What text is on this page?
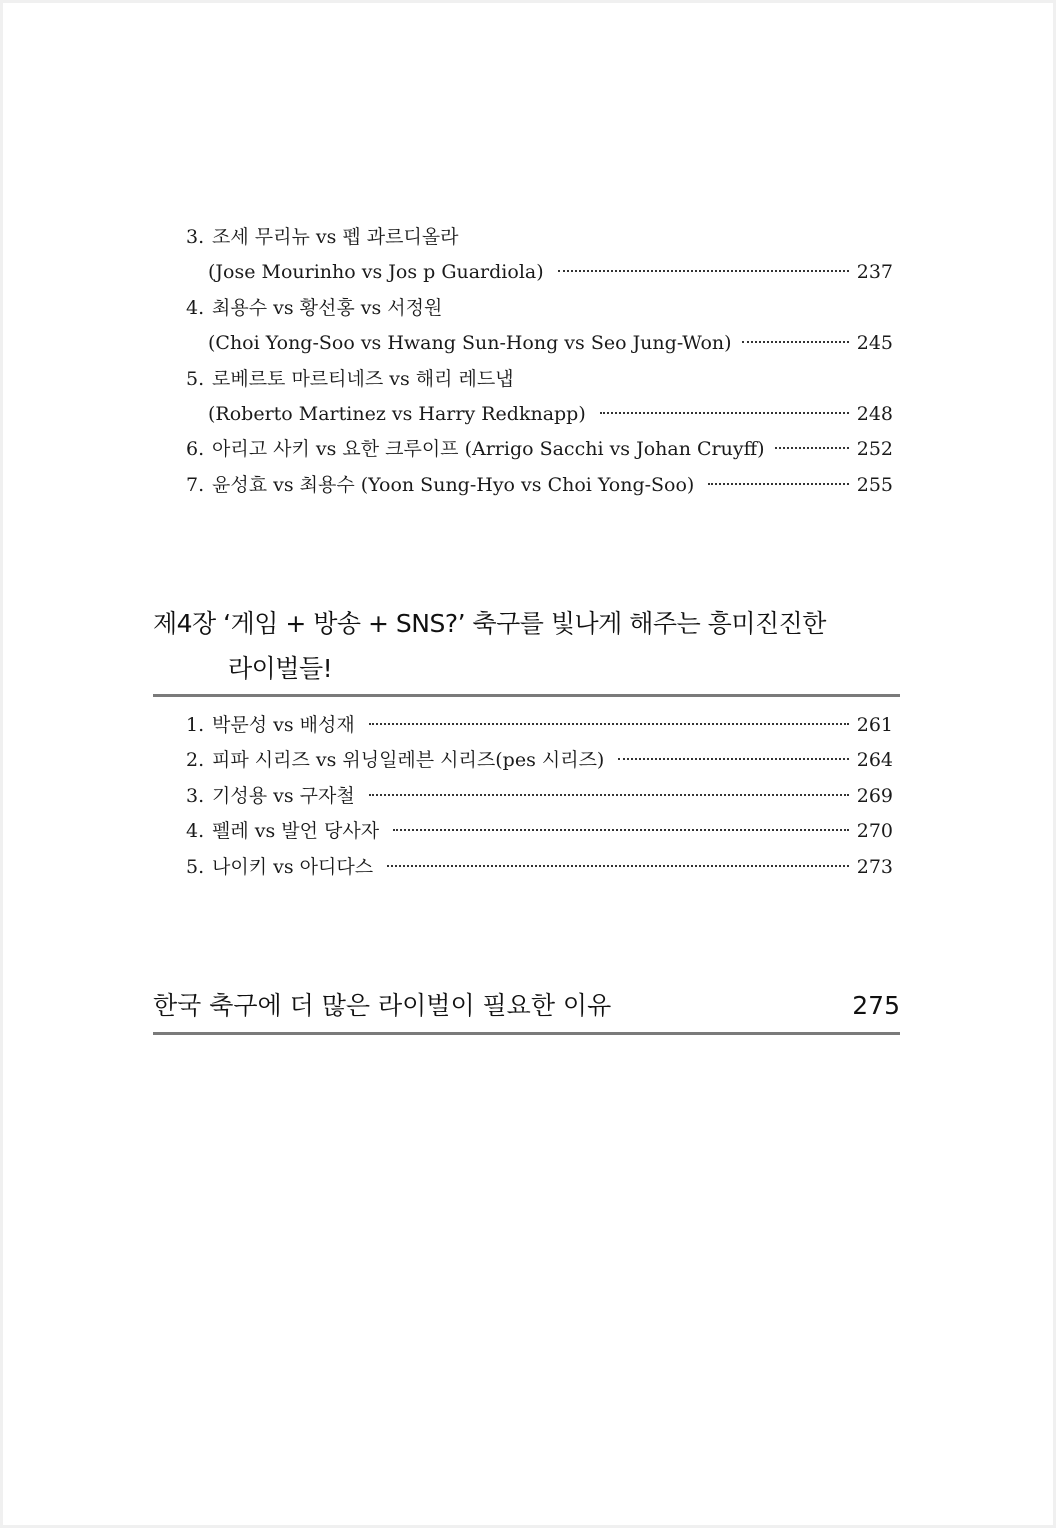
3. 조세 무리뉴 vs 펩 과르디올라
(Jose Mourinho vs Jos p Guardiola)	237
4. 최용수 vs 황선홍 vs 서정원
(Choi Yong-Soo vs Hwang Sun-Hong vs Seo Jung-Won)	245
5. 로베르토 마르티네즈 vs 해리 레드냅
(Roberto Martinez vs Harry Redknapp)	248
6. 아리고 사키 vs 요한 크루이프 (Arrigo Sacchi vs Johan Cruyff)	252
7. 윤성효 vs 최용수 (Yoon Sung-Hyo vs Choi Yong-Soo)	255
제4장 ‘게임 + 방송 + SNS?’ 축구를 빛나게 해주는 흥미진진한
라이벌들!
1. 박문성 vs 배성재	261
2. 피파 시리즈 vs 위닝일레븐 시리즈(pes 시리즈)	264
3. 기성용 vs 구자철	269
4. 펠레 vs 발언 당사자	270
5. 나이키 vs 아디다스	273
한국 축구에 더 많은 라이벌이 필요한 이유	275
